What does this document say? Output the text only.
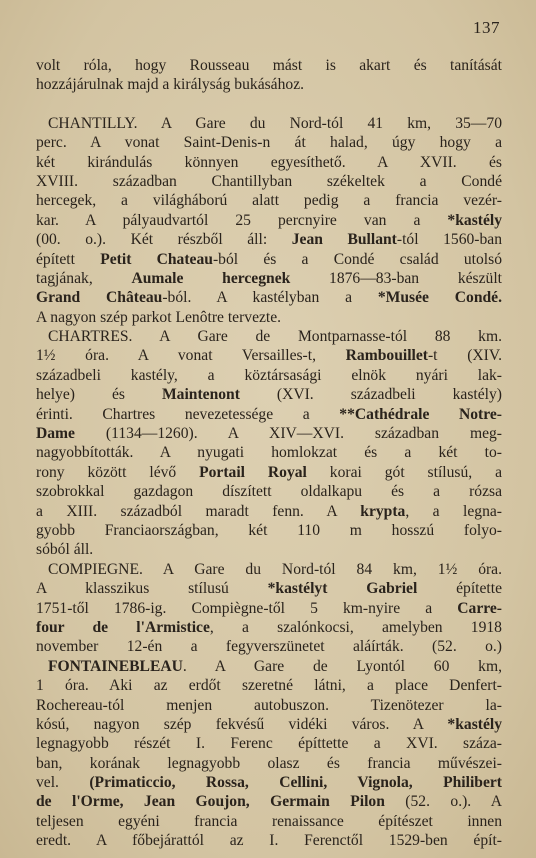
137
volt róla, hogy Rousseau mást is akart és tanítását
hozzájárulnak majd a királyság bukásához.
CHANTILLY. A Gare du Nord-tól 41 km, 35—70
perc. A vonat Saint-Denis-n át halad, úgy hogy a
két kirándulás könnyen egyesíthető. A XVII. és
XVIII. században Chantillyban székeltek a Condé
hercegek, a világháború alatt pedig a francia vezér-
kar. A pályaudvartól 25 percnyire van a *kastély
(00. o.). Két részből áll: Jean Bullant-tól 1560-ban
épített Petit Chateau-ból és a Condé család utolsó
tagjának, Aumale hercegnek 1876—83-ban készült
Grand Château-ból. A kastélyban a *Musée Condé.
A nagyon szép parkot Lenôtre tervezte.
CHARTRES. A Gare de Montparnasse-tól 88 km.
1½ óra. A vonat Versailles-t, Rambouillet-t (XIV.
századbeli kastély, a köztársasági elnök nyári lak-
helye) és Maintenont (XVI. századbeli kastély)
érinti. Chartres nevezetessége a **Cathédrale Notre-
Dame (1134—1260). A XIV—XVI. században meg-
nagyobbították. A nyugati homlokzat és a két to-
rony között lévő Portail Royal korai gót stílusú, a
szobrokkal gazdagon díszített oldalkapu és a rózsa
a XIII. századból maradt fenn. A krypta, a legna-
gyobb Franciaországban, két 110 m hosszú folyo-
sóból áll.
COMPIEGNE. A Gare du Nord-tól 84 km, 1½ óra.
A klasszikus stílusú *kastélyt Gabriel építette
1751-től 1786-ig. Compiègne-től 5 km-nyire a Carre-
four de l'Armistice, a szalónkocsi, amelyben 1918
november 12-én a fegyverszünetet aláírták. (52. o.)
FONTAINEBLEAU. A Gare de Lyontól 60 km,
1 óra. Aki az erdőt szeretné látni, a place Denfert-
Rochereau-tól menjen autobuszon. Tizenötezer la-
kósú, nagyon szép fekvésű vidéki város. A *kastély
legnagyobb részét I. Ferenc építtette a XVI. száza-
ban, korának legnagyobb olasz és francia művészei-
vel. (Primaticcio, Rossa, Cellini, Vignola, Philibert
de l'Orme, Jean Goujon, Germain Pilon (52. o.). A
teljesen egyéni francia renaissance építészet innen
eredt. A főbejárattól az I. Ferenctől 1529-ben épít-
